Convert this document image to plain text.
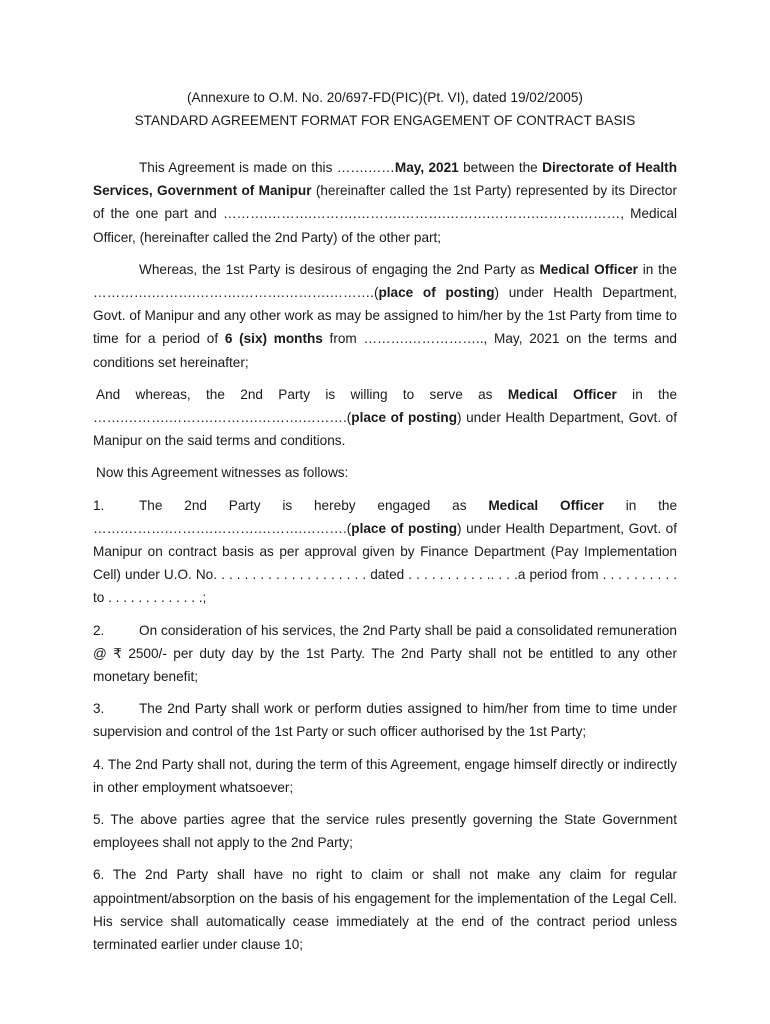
(Annexure to O.M. No. 20/697-FD(PIC)(Pt. VI), dated 19/02/2005)

STANDARD AGREEMENT FORMAT FOR ENGAGEMENT OF CONTRACT BASIS

This Agreement is made on this …….……May, 2021 between the Directorate of Health Services, Government of Manipur (hereinafter called the 1st Party) represented by its Director of the one part and ……….……….……….……….……….……….……….……….………, Medical Officer, (hereinafter called the 2nd Party) of the other part;

Whereas, the 1st Party is desirous of engaging the 2nd Party as Medical Officer in the ………….……….……….……….……….……….(place of posting) under Health Department, Govt. of Manipur and any other work as may be assigned to him/her by the 1st Party from time to time for a period of 6 (six) months from ……….…………….., May, 2021 on the terms and conditions set hereinafter;

And whereas, the 2nd Party is willing to serve as Medical Officer in the …….……….……….……….……….……….(place of posting) under Health Department, Govt. of Manipur on the said terms and conditions.

Now this Agreement witnesses as follows:

1.	The 2nd Party is hereby engaged as Medical Officer in the …….……….……….……….……….……….(place of posting) under Health Department, Govt. of Manipur on contract basis as per approval given by Finance Department (Pay Implementation Cell) under U.O. No. . . . . . . . . . . . . . . . . . . . dated . . . . . . . . . . .. . . .a period from . . . . . . . . . . to . . . . . . . . . . . . .;

2.	On consideration of his services, the 2nd Party shall be paid a consolidated remuneration @ ₹ 2500/- per duty day by the 1st Party. The 2nd Party shall not be entitled to any other monetary benefit;

3.	The 2nd Party shall work or perform duties assigned to him/her from time to time under supervision and control of the 1st Party or such officer authorised by the 1st Party;

4. The 2nd Party shall not, during the term of this Agreement, engage himself directly or indirectly in other employment whatsoever;

5. The above parties agree that the service rules presently governing the State Government employees shall not apply to the 2nd Party;

6. The 2nd Party shall have no right to claim or shall not make any claim for regular appointment/absorption on the basis of his engagement for the implementation of the Legal Cell. His service shall automatically cease immediately at the end of the contract period unless terminated earlier under clause 10;
